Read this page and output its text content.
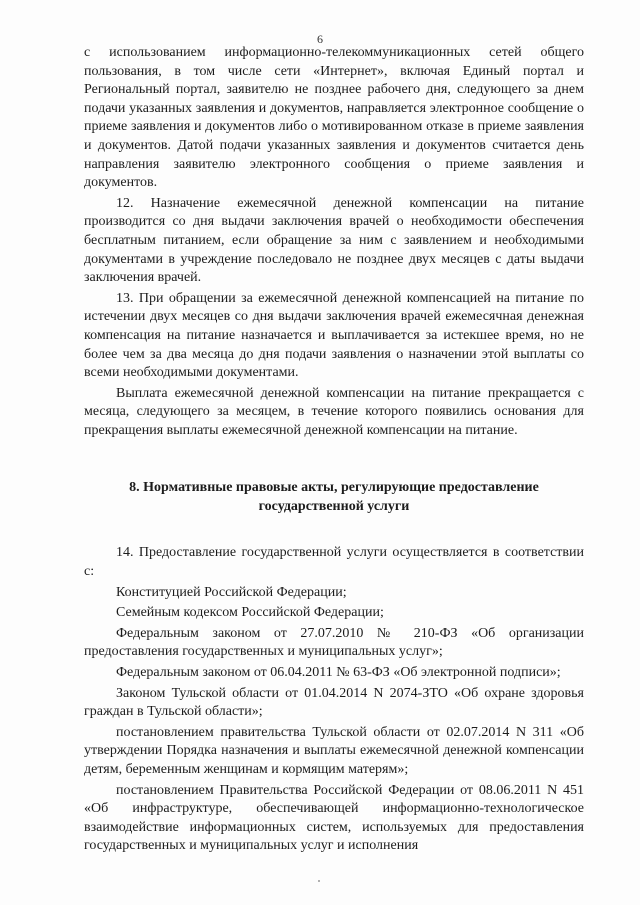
6

с использованием информационно-телекоммуникационных сетей общего пользования, в том числе сети «Интернет», включая Единый портал и Региональный портал, заявителю не позднее рабочего дня, следующего за днем подачи указанных заявления и документов, направляется электронное сообщение о приеме заявления и документов либо о мотивированном отказе в приеме заявления и документов. Датой подачи указанных заявления и документов считается день направления заявителю электронного сообщения о приеме заявления и документов.

12. Назначение ежемесячной денежной компенсации на питание производится со дня выдачи заключения врачей о необходимости обеспечения бесплатным питанием, если обращение за ним с заявлением и необходимыми документами в учреждение последовало не позднее двух месяцев с даты выдачи заключения врачей.

13. При обращении за ежемесячной денежной компенсацией на питание по истечении двух месяцев со дня выдачи заключения врачей ежемесячная денежная компенсация на питание назначается и выплачивается за истекшее время, но не более чем за два месяца до дня подачи заявления о назначении этой выплаты со всеми необходимыми документами.

Выплата ежемесячной денежной компенсации на питание прекращается с месяца, следующего за месяцем, в течение которого появились основания для прекращения выплаты ежемесячной денежной компенсации на питание.

8. Нормативные правовые акты, регулирующие предоставление государственной услуги

14. Предоставление государственной услуги осуществляется в соответствии с:

Конституцией Российской Федерации;

Семейным кодексом Российской Федерации;

Федеральным законом от 27.07.2010 № 210-ФЗ «Об организации предоставления государственных и муниципальных услуг»;

Федеральным законом от 06.04.2011 № 63-ФЗ «Об электронной подписи»;

Законом Тульской области от 01.04.2014 N 2074-ЗТО «Об охране здоровья граждан в Тульской области»;

постановлением правительства Тульской области от 02.07.2014 N 311 «Об утверждении Порядка назначения и выплаты ежемесячной денежной компенсации детям, беременным женщинам и кормящим матерям»;

постановлением Правительства Российской Федерации от 08.06.2011 N 451 «Об инфраструктуре, обеспечивающей информационно-технологическое взаимодействие информационных систем, используемых для предоставления государственных и муниципальных услуг и исполнения
